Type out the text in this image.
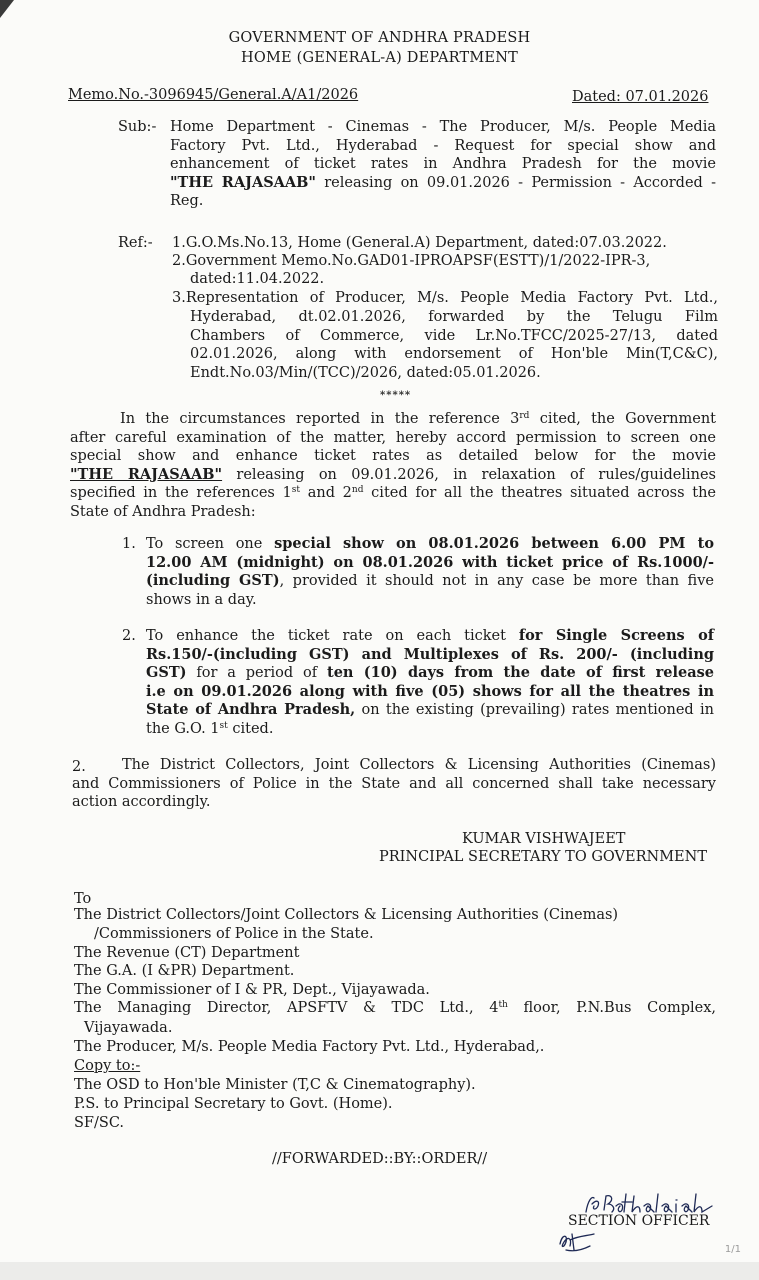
GOVERNMENT OF ANDHRA PRADESH
HOME (GENERAL-A) DEPARTMENT
Memo.No.-3096945/General.A/A1/2026	Dated: 07.01.2026
Sub:- Home Department - Cinemas - The Producer, M/s. People Media
Factory Pvt. Ltd., Hyderabad - Request for special show and
enhancement of ticket rates in Andhra Pradesh for the movie
"THE RAJASAAB" releasing on 09.01.2026 - Permission - Accorded -
Reg.
Ref:- 1.G.O.Ms.No.13, Home (General.A) Department, dated:07.03.2022.
2.Government Memo.No.GAD01-IPROAPSF(ESTT)/1/2022-IPR-3,
dated:11.04.2022.
3.Representation of Producer, M/s. People Media Factory Pvt. Ltd.,
Hyderabad, dt.02.01.2026, forwarded by the Telugu Film
Chambers of Commerce, vide Lr.No.TFCC/2025-27/13, dated
02.01.2026, along with endorsement of Hon'ble Min(T,C&C),
Endt.No.03/Min/(TCC)/2026, dated:05.01.2026.
*****
In the circumstances reported in the reference 3rd cited, the Government
after careful examination of the matter, hereby accord permission to screen one
special show and enhance ticket rates as detailed below for the movie
"THE RAJASAAB" releasing on 09.01.2026, in relaxation of rules/guidelines
specified in the references 1st and 2nd cited for all the theatres situated across the
State of Andhra Pradesh:
1. To screen one special show on 08.01.2026 between 6.00 PM to
12.00 AM (midnight) on 08.01.2026 with ticket price of Rs.1000/-
(including GST), provided it should not in any case be more than five
shows in a day.
2. To enhance the ticket rate on each ticket for Single Screens of
Rs.150/-(including GST) and Multiplexes of Rs. 200/- (including
GST) for a period of ten (10) days from the date of first release
i.e on 09.01.2026 along with five (05) shows for all the theatres in
State of Andhra Pradesh, on the existing (prevailing) rates mentioned in
the G.O. 1st cited.
2.	The District Collectors, Joint Collectors & Licensing Authorities (Cinemas)
and Commissioners of Police in the State and all concerned shall take necessary
action accordingly.
KUMAR VISHWAJEET
PRINCIPAL SECRETARY TO GOVERNMENT
To
The District Collectors/Joint Collectors & Licensing Authorities (Cinemas)
/Commissioners of Police in the State.
The Revenue (CT) Department
The G.A. (I &PR) Department.
The Commissioner of I & PR, Dept., Vijayawada.
The Managing Director, APSFTV & TDC Ltd., 4th floor, P.N.Bus Complex,
Vijayawada.
The Producer, M/s. People Media Factory Pvt. Ltd., Hyderabad,.
Copy to:-
The OSD to Hon'ble Minister (T,C & Cinematography).
P.S. to Principal Secretary to Govt. (Home).
SF/SC.
//FORWARDED::BY::ORDER//
SECTION OFFICER
1/1
